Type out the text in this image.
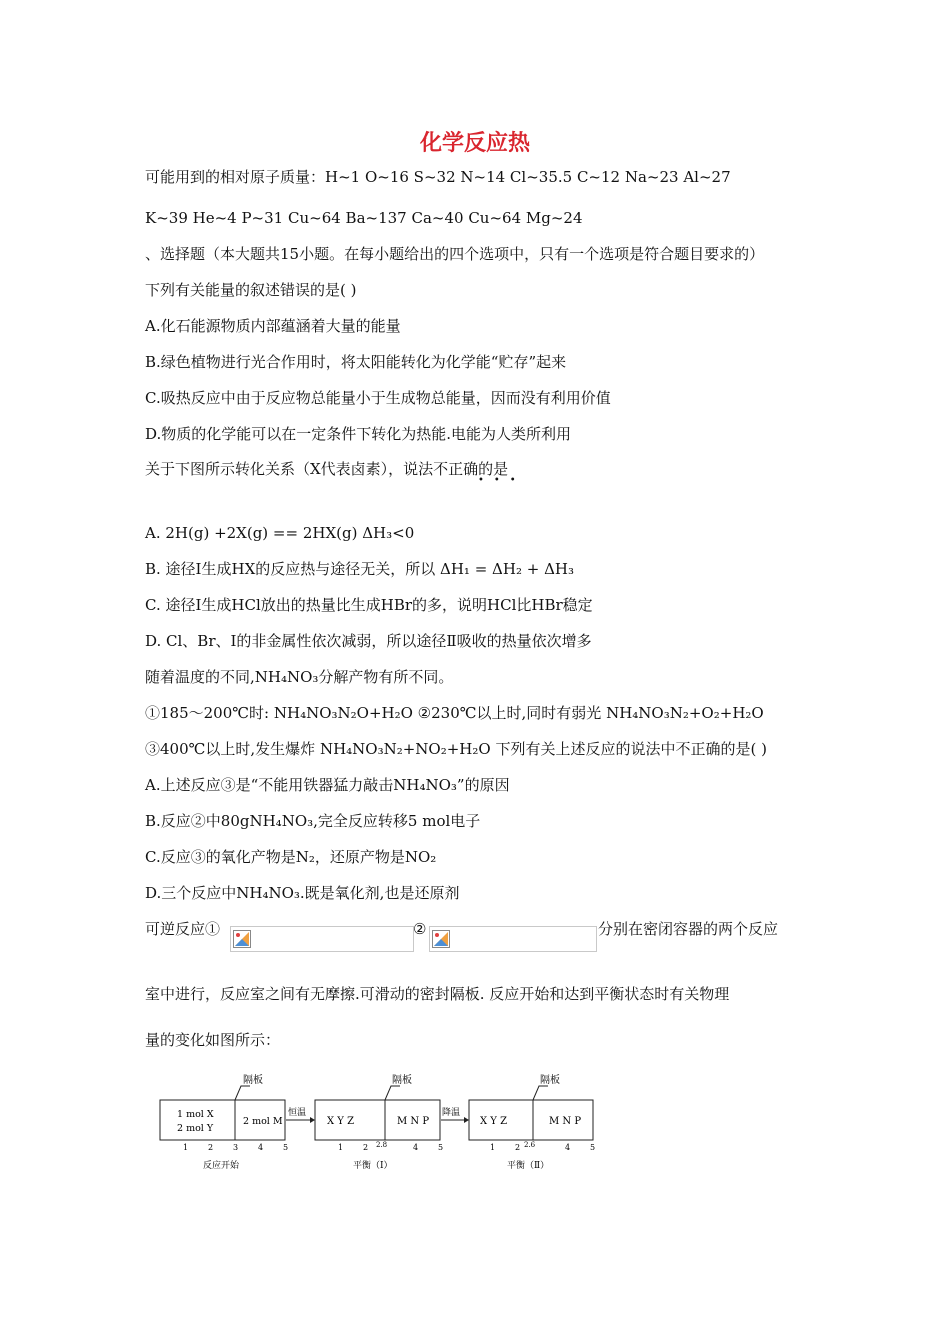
化学反应热
可能用到的相对原子质量：H~1 O~16 S~32 N~14 Cl~35.5 C~12 Na~23 Al~27
K~39 He~4 P~31 Cu~64 Ba~137 Ca~40 Cu~64 Mg~24
、选择题（本大题共15小题。在每小题给出的四个选项中，只有一个选项是符合题目要求的）
下列有关能量的叙述错误的是( )
A.化石能源物质内部蕴涵着大量的能量
B.绿色植物进行光合作用时，将太阳能转化为化学能“贮存”起来
C.吸热反应中由于反应物总能量小于生成物总能量，因而没有利用价值
D.物质的化学能可以在一定条件下转化为热能.电能为人类所利用
关于下图所示转化关系（X代表卤素），说法不正确的是
•••
A. 2H(g) +2X(g) == 2HX(g) ΔH₃<0
B. 途径Ⅰ生成HX的反应热与途径无关，所以 ΔH₁ = ΔH₂ + ΔH₃
C. 途径Ⅰ生成HCl放出的热量比生成HBr的多，说明HCl比HBr稳定
D. Cl、Br、I的非金属性依次减弱，所以途径Ⅱ吸收的热量依次增多
随着温度的不同,NH₄NO₃分解产物有所不同。
①185～200℃时: NH₄NO₃N₂O+H₂O ②230℃以上时,同时有弱光 NH₄NO₃N₂+O₂+H₂O
③400℃以上时,发生爆炸 NH₄NO₃N₂+NO₂+H₂O 下列有关上述反应的说法中不正确的是( )
A.上述反应③是“不能用铁器猛力敲击NH₄NO₃”的原因
B.反应②中80gNH₄NO₃,完全反应转移5 mol电子
C.反应③的氧化产物是N₂，还原产物是NO₂
D.三个反应中NH₄NO₃.既是氧化剂,也是还原剂
可逆反应①	②	分别在密闭容器的两个反应
室中进行，反应室之间有无摩擦.可滑动的密封隔板. 反应开始和达到平衡状态时有关物理
量的变化如图所示：
隔板
1 mol X
2 mol Y
2 mol M
1 2 3 4 5
反应开始
恒温
隔板
X Y Z	M N P
1 2	4 5
2.8
平衡（Ⅰ）
降温
隔板
X Y Z	M N P
1 2	4 5
2.6
平衡（Ⅱ）
